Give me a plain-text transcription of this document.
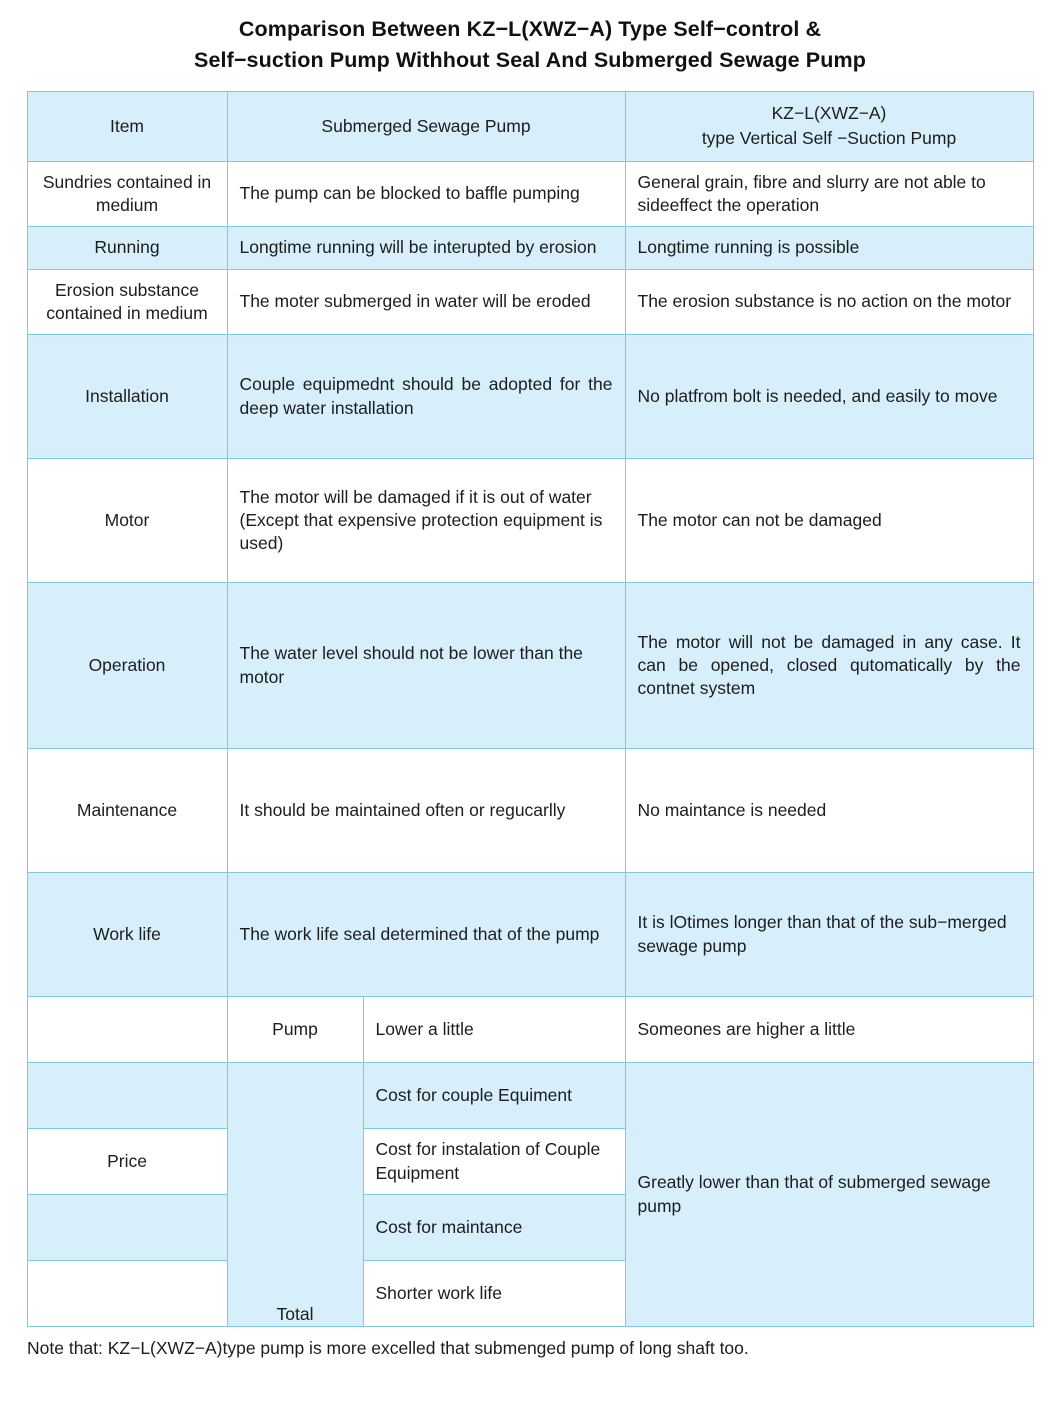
Comparison Between KZ−L(XWZ−A) Type Self−control &
Self−suction Pump Withhout Seal And Submerged Sewage Pump
Item	Submerged Sewage Pump		KZ−L(XWZ−A)
type Vertical Self −Suction Pump

Sundries contained in medium	The pump can be blocked to baffle pumping		General grain, fibre and slurry are not able to sideeffect the operation
Running	Longtime running will be interupted by erosion		Longtime running is possible
Erosion substance contained in medium	The moter submerged in water will be eroded		The erosion substance is no action on the motor
Installation	Couple equipmednt should be adopted for the deep water installation		No platfrom bolt is needed, and easily to move
Motor	The motor will be damaged if it is out of water (Except that expensive protection equipment is used)		The motor can not be damaged
Operation	The water level should not be lower than the motor		The motor will not be damaged in any case. It can be opened, closed qutomatically by the contnet system
Maintenance	It should be maintained often or regucarlly		No maintance is needed
Work life	The work life seal determined that of the pump		It is lOtimes longer than that of the sub−merged sewage pump
	Pump	Lower a little	Someones are higher a little

	Total	Cost for couple Equiment	Greatly lower than that of submerged sewage pump
Price		Cost for instalation of Couple Equipment	
		Cost for maintance	
		Shorter work life	
Note that: KZ−L(XWZ−A)type pump is more excelled that submenged pump of long shaft too.
